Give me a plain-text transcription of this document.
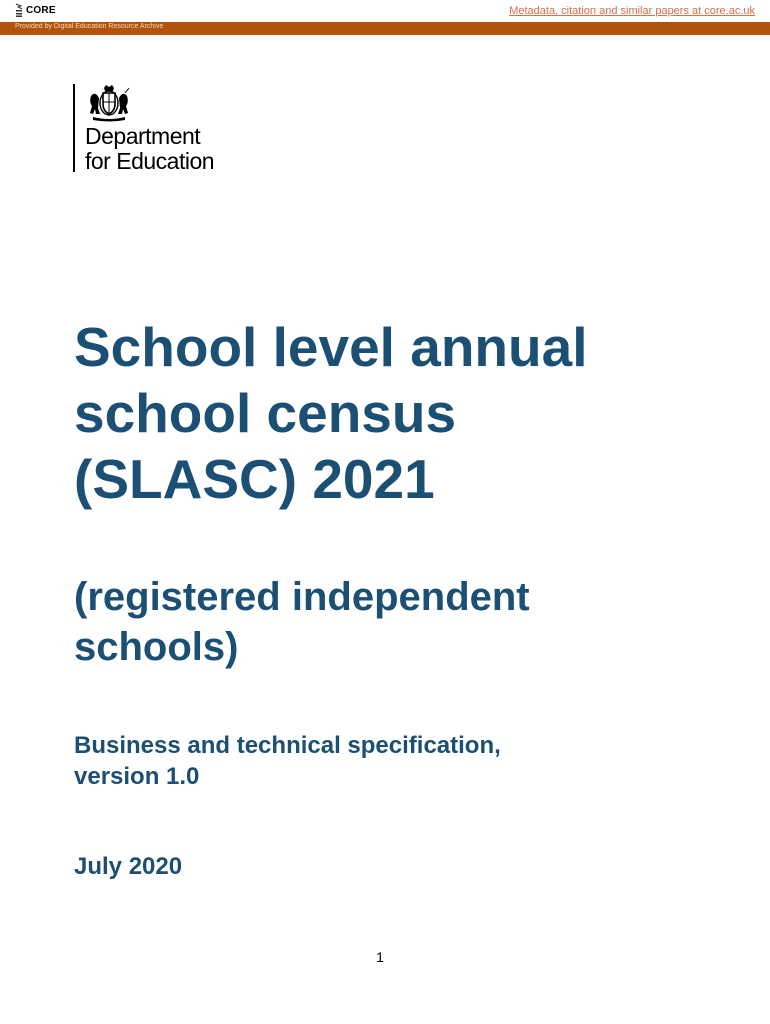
CORE	Metadata, citation and similar papers at core.ac.uk
Provided by Digital Education Resource Archive
Department
for Education
School level annual
school census
(SLASC) 2021
(registered independent
schools)
Business and technical specification,
version 1.0
July 2020
1
